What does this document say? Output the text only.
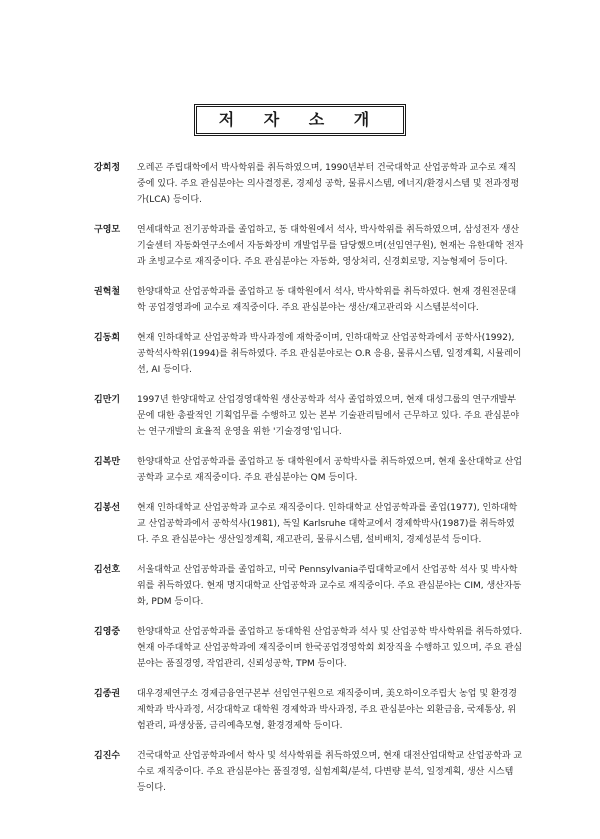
저 자 소 개
강희정	오레곤 주립대학에서 박사학위를 취득하였으며, 1990년부터 건국대학교 산업공학과 교수로 재직 중에 있다. 주요 관심분야는 의사결정론, 경제성 공학, 물류시스템, 에너지/환경시스템 및 전과정평가(LCA) 등이다.
구영모	연세대학교 전기공학과를 졸업하고, 동 대학원에서 석사, 박사학위를 취득하였으며, 삼성전자 생산기술센터 자동화연구소에서 자동화장비 개발업무를 담당했으며(선임연구원), 현재는 유한대학 전자과 초빙교수로 재직중이다. 주요 관심분야는 자동화, 영상처리, 신경회로망, 지능형제어 등이다.
권혁철	한양대학교 산업공학과를 졸업하고 동 대학원에서 석사, 박사학위를 취득하였다. 현재 경원전문대학 공업경영과에 교수로 재직중이다. 주요 관심분야는 생산/재고관리와 시스템분석이다.
김동희	현재 인하대학교 산업공학과 박사과정에 재학중이며, 인하대학교 산업공학과에서 공학사(1992), 공학석사학위(1994)를 취득하였다. 주요 관심분야로는 O.R 응용, 물류시스템, 일정계획, 시뮬레이션, AI 등이다.
김만기	1997년 한양대학교 산업경영대학원 생산공학과 석사 졸업하였으며, 현재 대성그룹의 연구개발부문에 대한 총괄적인 기획업무를 수행하고 있는 본부 기술관리팀에서 근무하고 있다. 주요 관심분야는 연구개발의 효율적 운영을 위한 '기술경영'입니다.
김복만	한양대학교 산업공학과를 졸업하고 동 대학원에서 공학박사를 취득하였으며, 현재 울산대학교 산업공학과 교수로 재직중이다. 주요 관심분야는 QM 등이다.
김봉선	현재 인하대학교 산업공학과 교수로 재직중이다. 인하대학교 산업공학과를 졸업(1977), 인하대학교 산업공학과에서 공학석사(1981), 독일 Karlsruhe 대학교에서 경제학박사(1987)를 취득하였다. 주요 관심분야는 생산일정계획, 재고관리, 물류시스템, 설비배치, 경제성분석 등이다.
김선호	서울대학교 산업공학과를 졸업하고, 미국 Pennsylvania주립대학교에서 산업공학 석사 및 박사학위를 취득하였다. 현재 명지대학교 산업공학과 교수로 재직중이다. 주요 관심분야는 CIM, 생산자동화, PDM 등이다.
김영중	한양대학교 산업공학과를 졸업하고 동대학원 산업공학과 석사 및 산업공학 박사학위를 취득하였다. 현재 아주대학교 산업공학과에 재직중이며 한국공업경영학회 회장직을 수행하고 있으며, 주요 관심분야는 품질경영, 작업관리, 신뢰성공학, TPM 등이다.
김종권	대우경제연구소 경제금융연구본부 선임연구원으로 재직중이며, 美오하이오주립大 농업 및 환경경제학과 박사과정, 서강대학교 대학원 경제학과 박사과정, 주요 관심분야는 외환금융, 국제통상, 위험관리, 파생상품, 금리예측모형, 환경경제학 등이다.
김진수	건국대학교 산업공학과에서 학사 및 석사학위를 취득하였으며, 현재 대전산업대학교 산업공학과 교수로 재직중이다. 주요 관심분야는 품질경영, 실험계획/분석, 다변량 분석, 일정계획, 생산 시스템 등이다.
